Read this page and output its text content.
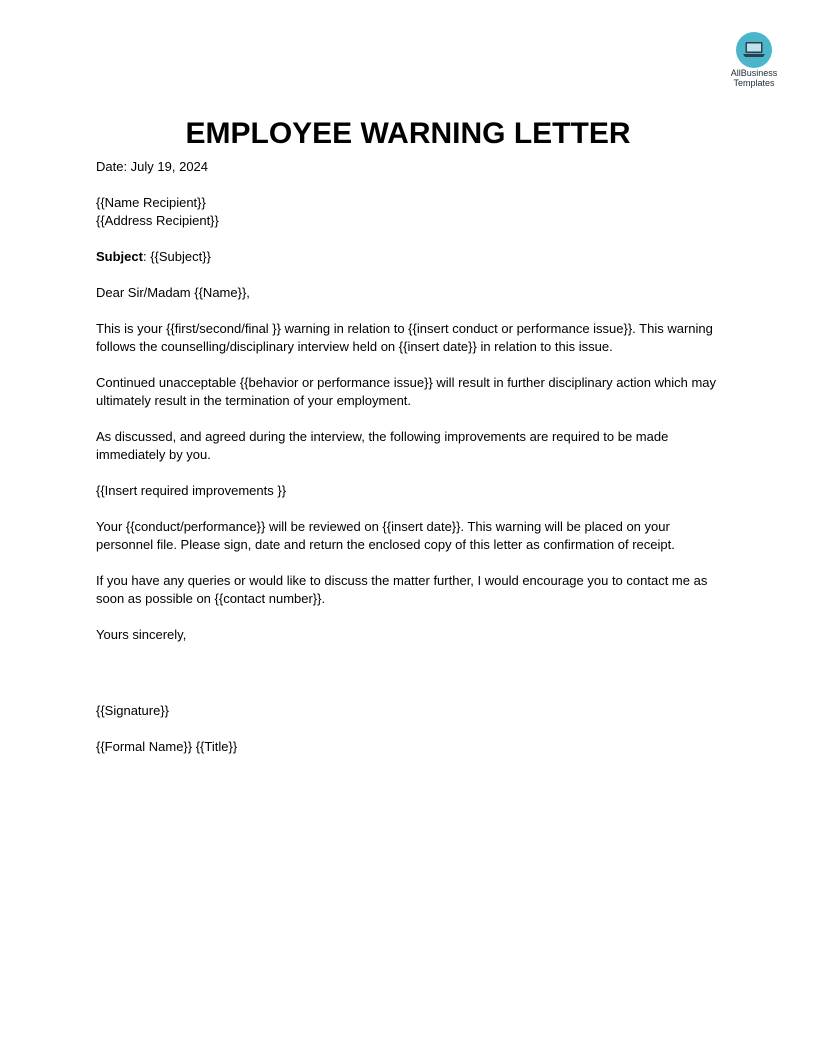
AllBusiness
Templates
EMPLOYEE WARNING LETTER

Date: July 19, 2024

{{Name Recipient}}

{{Address Recipient}}

Subject: {{Subject}}

Dear Sir/Madam {{Name}},

This is your {{first/second/final }} warning in relation to {{insert conduct or performance issue}}. This warning follows the counselling/disciplinary interview held on {{insert date}} in relation to this issue.

Continued unacceptable {{behavior or performance issue}} will result in further disciplinary action which may ultimately result in the termination of your employment.

As discussed, and agreed during the interview, the following improvements are required to be made immediately by you.

{{Insert required improvements }}

Your {{conduct/performance}} will be reviewed on {{insert date}}. This warning will be placed on your personnel file. Please sign, date and return the enclosed copy of this letter as confirmation of receipt.

If you have any queries or would like to discuss the matter further, I would encourage you to contact me as soon as possible on {{contact number}}.

Yours sincerely,

{{Signature}}

{{Formal Name}} {{Title}}
